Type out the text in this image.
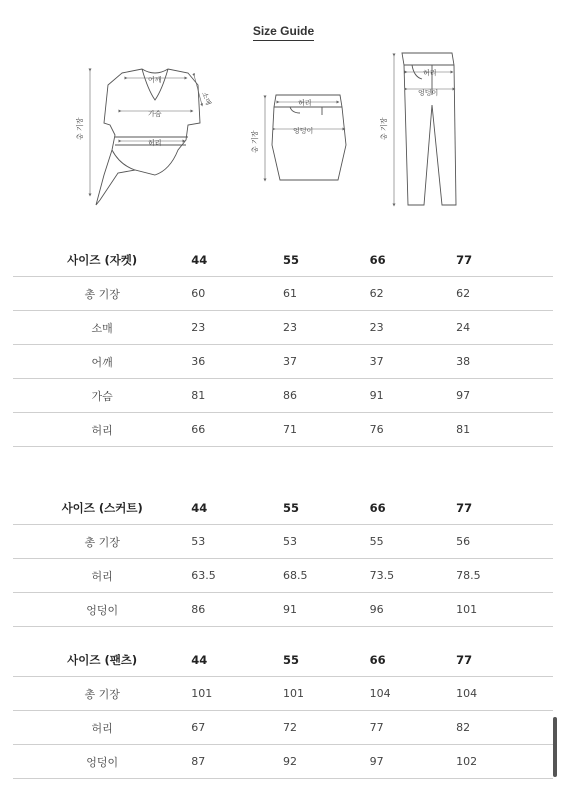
Size Guide
어깨
가슴
허리
소매
총 기장
허리
엉덩이
총 기장
허리
엉덩이
총 기장
사이즈 (자켓)	44	55	66	77
총 기장	60	61	62	62
소매	23	23	23	24
어깨	36	37	37	38
가슴	81	86	91	97
허리	66	71	76	81
사이즈 (스커트)	44	55	66	77
총 기장	53	53	55	56
허리	63.5	68.5	73.5	78.5
엉덩이	86	91	96	101
사이즈 (팬츠)	44	55	66	77
총 기장	101	101	104	104
허리	67	72	77	82
엉덩이	87	92	97	102
